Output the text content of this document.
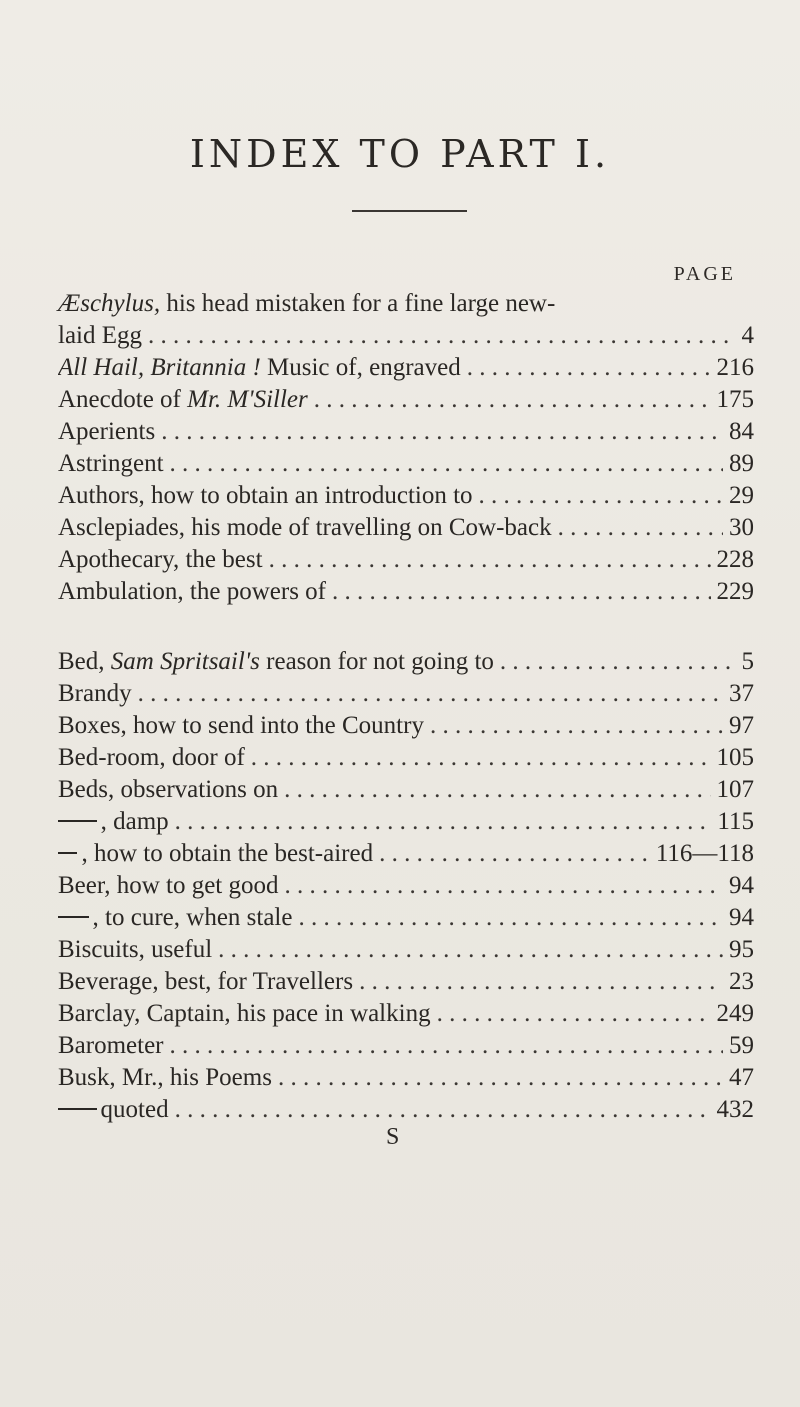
INDEX TO PART I.
PAGE
Æschylus, his head mistaken for a fine large new-
laid Egg . . .	4
All Hail, Britannia ! Music of, engraved . . .	216
Anecdote of Mr. M'Siller . . .	175
Aperients . . .	84
Astringent . . .	89
Authors, how to obtain an introduction to . . .	29
Asclepiades, his mode of travelling on Cow-back . . .	30
Apothecary, the best . . .	228
Ambulation, the powers of . . .	229
Bed, Sam Spritsail's reason for not going to . . .	5
Brandy . . .	37
Boxes, how to send into the Country . . .	97
Bed-room, door of . . .	105
Beds, observations on . . .	107
, damp . . .	115
, how to obtain the best-aired . . .	116—118
Beer, how to get good . . .	94
, to cure, when stale . . .	94
Biscuits, useful . . .	95
Beverage, best, for Travellers . . .	23
Barclay, Captain, his pace in walking . . .	249
Barometer . . .	59
Busk, Mr., his Poems . . .	47
quoted . . .	432
S
